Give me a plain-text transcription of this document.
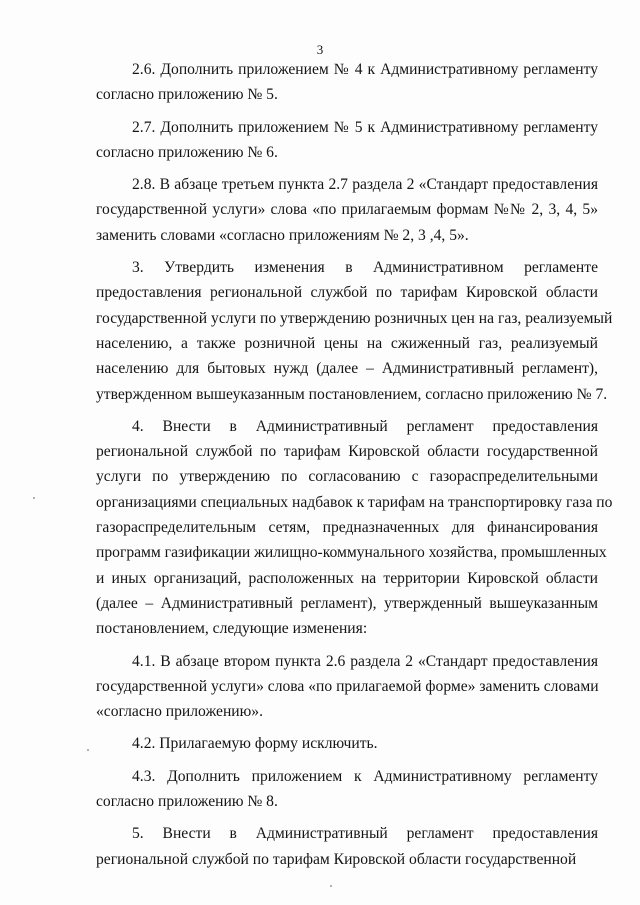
3
2.6. Дополнить приложением № 4 к Административному регламенту
согласно приложению № 5.
2.7. Дополнить приложением № 5 к Административному регламенту
согласно приложению № 6.
2.8. В абзаце третьем пункта 2.7 раздела 2 «Стандарт предоставления
государственной услуги» слова «по прилагаемым формам №№ 2, 3, 4, 5»
заменить словами «согласно приложениям № 2, 3 ,4, 5».
3. Утвердить изменения в Административном регламенте
предоставления региональной службой по тарифам Кировской области
государственной услуги по утверждению розничных цен на газ, реализуемый
населению, а также розничной цены на сжиженный газ, реализуемый
населению для бытовых нужд (далее – Административный регламент),
утвержденном вышеуказанным постановлением, согласно приложению № 7.
4. Внести в Административный регламент предоставления
региональной службой по тарифам Кировской области государственной
услуги по утверждению по согласованию с газораспределительными
организациями специальных надбавок к тарифам на транспортировку газа по
газораспределительным сетям, предназначенных для финансирования
программ газификации жилищно-коммунального хозяйства, промышленных
и иных организаций, расположенных на территории Кировской области
(далее – Административный регламент), утвержденный вышеуказанным
постановлением, следующие изменения:
4.1. В абзаце втором пункта 2.6 раздела 2 «Стандарт предоставления
государственной услуги» слова «по прилагаемой форме» заменить словами
«согласно приложению».
4.2. Прилагаемую форму исключить.
4.3. Дополнить приложением к Административному регламенту
согласно приложению № 8.
5. Внести в Административный регламент предоставления
региональной службой по тарифам Кировской области государственной
